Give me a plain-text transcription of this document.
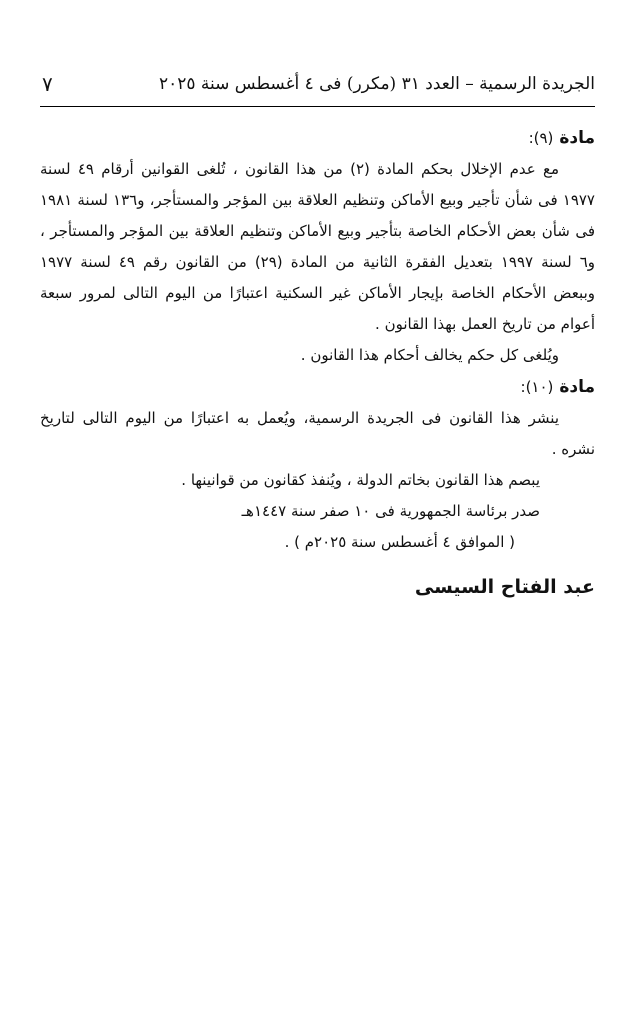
الجريدة الرسمية – العدد ٣١ (مكرر) فى ٤ أغسطس سنة ٢٠٢٥
٧

مادة (٩):

مع عدم الإخلال بحكم المادة (٢) من هذا القانون ، تُلغى القوانين أرقام ٤٩ لسنة ١٩٧٧ فى شأن تأجير وبيع الأماكن وتنظيم العلاقة بين المؤجر والمستأجر، و١٣٦ لسنة ١٩٨١ فى شأن بعض الأحكام الخاصة بتأجير وبيع الأماكن وتنظيم العلاقة بين المؤجر والمستأجر ، و٦ لسنة ١٩٩٧ بتعديل الفقرة الثانية من المادة (٢٩) من القانون رقم ٤٩ لسنة ١٩٧٧ وببعض الأحكام الخاصة بإيجار الأماكن غير السكنية اعتبارًا من اليوم التالى لمرور سبعة أعوام من تاريخ العمل بهذا القانون .

ويُلغى كل حكم يخالف أحكام هذا القانون .

مادة (١٠):

ينشر هذا القانون فى الجريدة الرسمية، ويُعمل به اعتبارًا من اليوم التالى لتاريخ نشره .

يبصم هذا القانون بخاتم الدولة ، ويُنفذ كقانون من قوانينها .

صدر برئاسة الجمهورية فى ١٠ صفر سنة ١٤٤٧هـ

( الموافق ٤ أغسطس سنة ٢٠٢٥م ) .

عبد الفتاح السيسى
